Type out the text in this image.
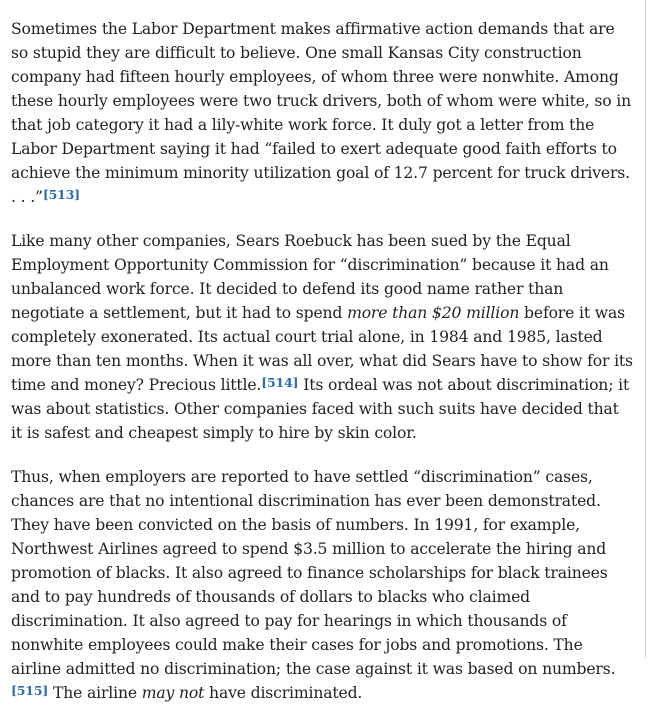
Sometimes the Labor Department makes affirmative action demands that are so stupid they are difficult to believe. One small Kansas City construction company had fifteen hourly employees, of whom three were nonwhite. Among these hourly employees were two truck drivers, both of whom were white, so in that job category it had a lily-white work force. It duly got a letter from the Labor Department saying it had “failed to exert adequate good faith efforts to achieve the minimum minority utilization goal of 12.7 percent for truck drivers. . . .”[513]

Like many other companies, Sears Roebuck has been sued by the Equal Employment Opportunity Commission for “discrimination” because it had an unbalanced work force. It decided to defend its good name rather than negotiate a settlement, but it had to spend more than $20 million before it was completely exonerated. Its actual court trial alone, in 1984 and 1985, lasted more than ten months. When it was all over, what did Sears have to show for its time and money? Precious little.[514] Its ordeal was not about discrimination; it was about statistics. Other companies faced with such suits have decided that it is safest and cheapest simply to hire by skin color.

Thus, when employers are reported to have settled “discrimination” cases, chances are that no intentional discrimination has ever been demonstrated. They have been convicted on the basis of numbers. In 1991, for example, Northwest Airlines agreed to spend $3.5 million to accelerate the hiring and promotion of blacks. It also agreed to finance scholarships for black trainees and to pay hundreds of thousands of dollars to blacks who claimed discrimination. It also agreed to pay for hearings in which thousands of nonwhite employees could make their cases for jobs and promotions. The airline admitted no discrimination; the case against it was based on numbers.[515] The airline may not have discriminated.
